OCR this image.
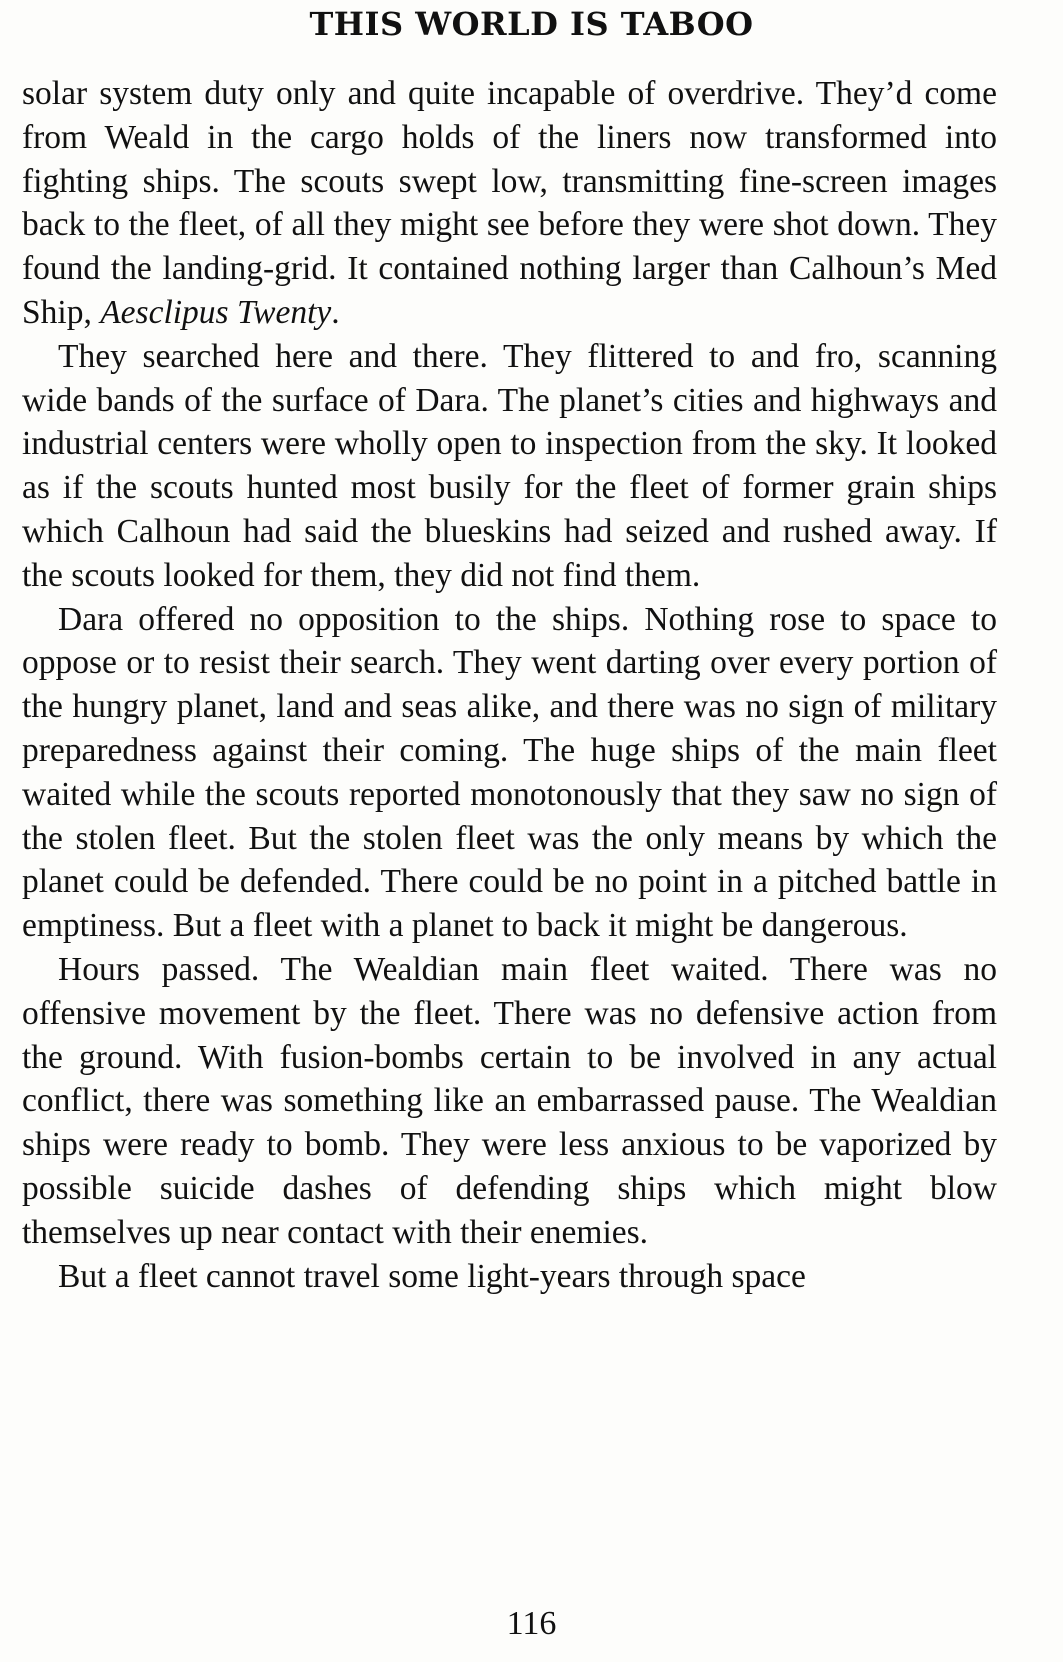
THIS WORLD IS TABOO

solar system duty only and quite incapable of overdrive. They’d come from Weald in the cargo holds of the liners now transformed into fighting ships. The scouts swept low, transmitting fine-screen images back to the fleet, of all they might see before they were shot down. They found the landing-grid. It contained nothing larger than Calhoun’s Med Ship, Aesclipus Twenty.

They searched here and there. They flittered to and fro, scanning wide bands of the surface of Dara. The planet’s cities and highways and industrial centers were wholly open to inspection from the sky. It looked as if the scouts hunted most busily for the fleet of former grain ships which Calhoun had said the blueskins had seized and rushed away. If the scouts looked for them, they did not find them.

Dara offered no opposition to the ships. Nothing rose to space to oppose or to resist their search. They went darting over every portion of the hungry planet, land and seas alike, and there was no sign of military preparedness against their coming. The huge ships of the main fleet waited while the scouts reported monotonously that they saw no sign of the stolen fleet. But the stolen fleet was the only means by which the planet could be defended. There could be no point in a pitched battle in emptiness. But a fleet with a planet to back it might be dangerous.

Hours passed. The Wealdian main fleet waited. There was no offensive movement by the fleet. There was no defensive action from the ground. With fusion-bombs certain to be involved in any actual conflict, there was something like an embarrassed pause. The Wealdian ships were ready to bomb. They were less anxious to be vaporized by possible suicide dashes of defending ships which might blow themselves up near contact with their enemies.

But a fleet cannot travel some light-years through space

116
